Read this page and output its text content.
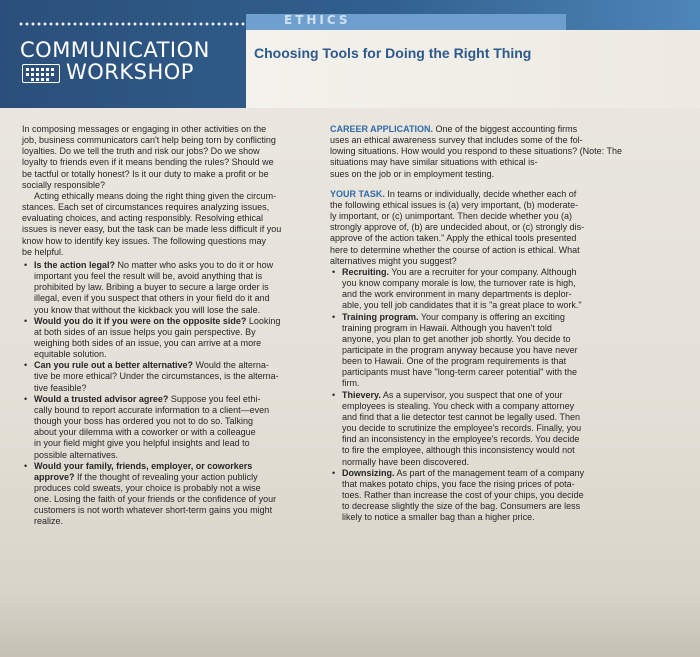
ETHICS
COMMUNICATION
WORKSHOP
Choosing Tools for Doing the Right Thing
In composing messages or engaging in other activities on the
job, business communicators can't help being torn by conflicting
loyalties. Do we tell the truth and risk our jobs? Do we show
loyalty to friends even if it means bending the rules? Should we
be tactful or totally honest? Is it our duty to make a profit or be
socially responsible?
Acting ethically means doing the right thing given the circum-
stances. Each set of circumstances requires analyzing issues,
evaluating choices, and acting responsibly. Resolving ethical
issues is never easy, but the task can be made less difficult if you
know how to identify key issues. The following questions may
be helpful.
• Is the action legal? No matter who asks you to do it or how
important you feel the result will be, avoid anything that is
prohibited by law. Bribing a buyer to secure a large order is
illegal, even if you suspect that others in your field do it and
you know that without the kickback you will lose the sale.
• Would you do it if you were on the opposite side? Looking
at both sides of an issue helps you gain perspective. By
weighing both sides of an issue, you can arrive at a more
equitable solution.
• Can you rule out a better alternative? Would the alterna-
tive be more ethical? Under the circumstances, is the alterna-
tive feasible?
• Would a trusted advisor agree? Suppose you feel ethi-
cally bound to report accurate information to a client—even
though your boss has ordered you not to do so. Talking
about your dilemma with a coworker or with a colleague
in your field might give you helpful insights and lead to
possible alternatives.
• Would your family, friends, employer, or coworkers
approve? If the thought of revealing your action publicly
produces cold sweats, your choice is probably not a wise
one. Losing the faith of your friends or the confidence of your
customers is not worth whatever short-term gains you might
realize.
CAREER APPLICATION. One of the biggest accounting firms
uses an ethical awareness survey that includes some of the fol-
lowing situations. How would you respond to these situations? (Note: The
situations may have similar situations with ethical is-
sues on the job or in employment testing.
YOUR TASK. In teams or individually, decide whether each of
the following ethical issues is (a) very important, (b) moderate-
ly important, or (c) unimportant. Then decide whether you (a)
strongly approve of, (b) are undecided about, or (c) strongly dis-
approve of the action taken." Apply the ethical tools presented
here to determine whether the course of action is ethical. What
alternatives might you suggest?
• Recruiting. You are a recruiter for your company. Although
you know company morale is low, the turnover rate is high,
and the work environment in many departments is deplor-
able, you tell job candidates that it is "a great place to work."
• Training program. Your company is offering an exciting
training program in Hawaii. Although you haven't told
anyone, you plan to get another job shortly. You decide to
participate in the program anyway because you have never
been to Hawaii. One of the program requirements is that
participants must have "long-term career potential" with the
firm.
• Thievery. As a supervisor, you suspect that one of your
employees is stealing. You check with a company attorney
and find that a lie detector test cannot be legally used. Then
you decide to scrutinize the employee's records. Finally, you
find an inconsistency in the employee's records. You decide
to fire the employee, although this inconsistency would not
normally have been discovered.
• Downsizing. As part of the management team of a company
that makes potato chips, you face the rising prices of pota-
toes. Rather than increase the cost of your chips, you decide
to decrease slightly the size of the bag. Consumers are less
likely to notice a smaller bag than a higher price.
